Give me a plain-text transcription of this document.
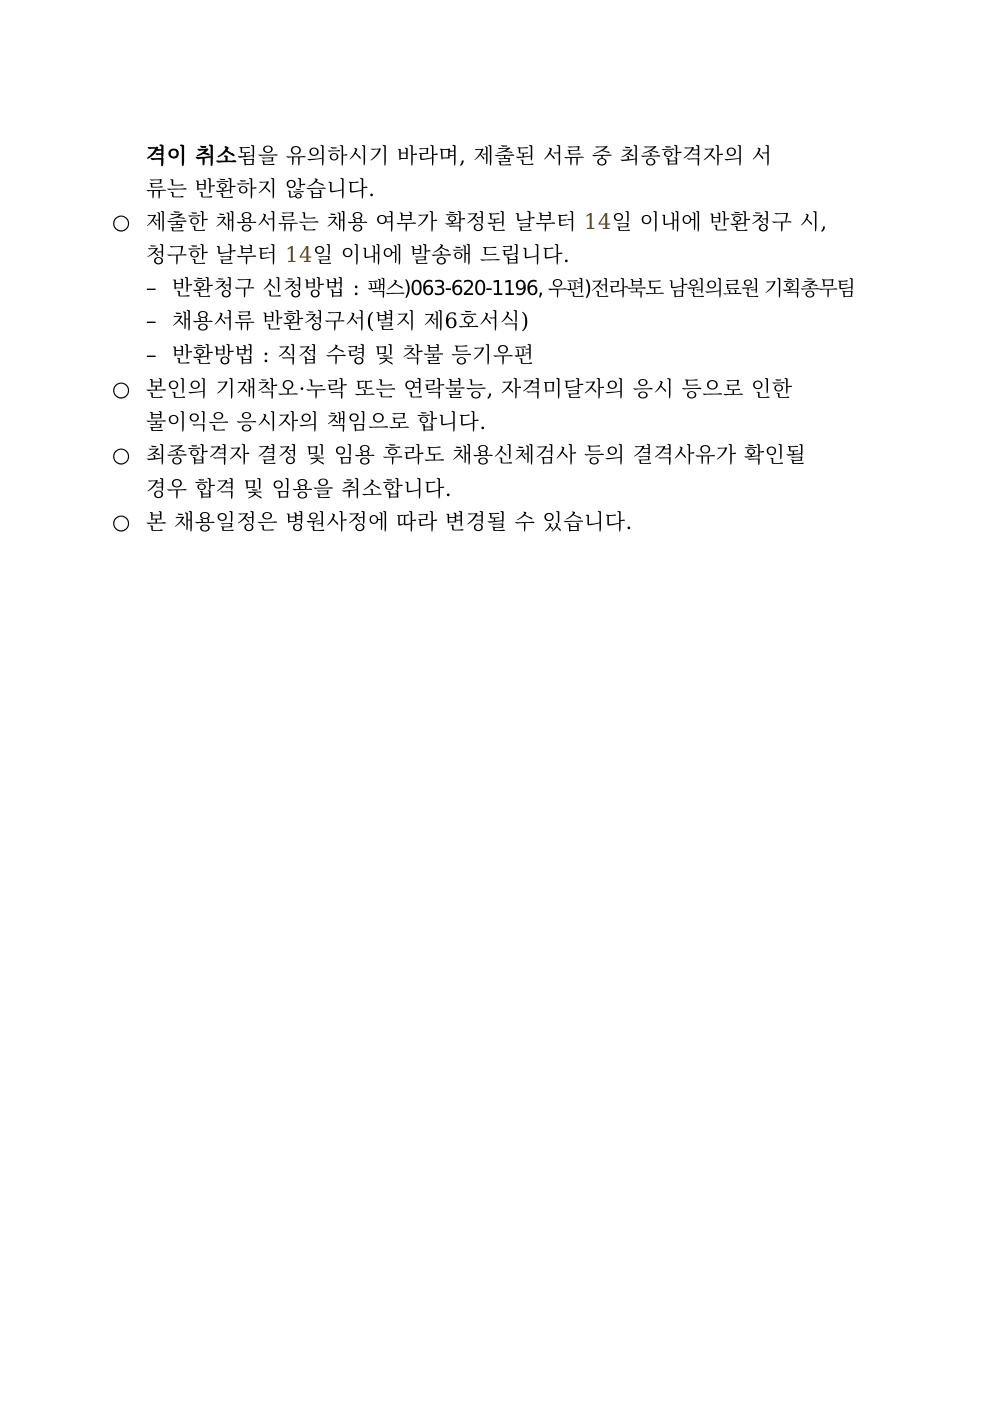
격이 취소됨을 유의하시기 바라며, 제출된 서류 중 최종합격자의 서
류는 반환하지 않습니다.
○ 제출한 채용서류는 채용 여부가 확정된 날부터 14일 이내에 반환청구 시,
청구한 날부터 14일 이내에 발송해 드립니다.
– 반환청구 신청방법 : 팩스)063-620-1196, 우편)전라북도 남원의료원 기획총무팀
– 채용서류 반환청구서(별지 제6호서식)
– 반환방법 : 직접 수령 및 착불 등기우편
○ 본인의 기재착오·누락 또는 연락불능, 자격미달자의 응시 등으로 인한
불이익은 응시자의 책임으로 합니다.
○ 최종합격자 결정 및 임용 후라도 채용신체검사 등의 결격사유가 확인될
경우 합격 및 임용을 취소합니다.
○ 본 채용일정은 병원사정에 따라 변경될 수 있습니다.
